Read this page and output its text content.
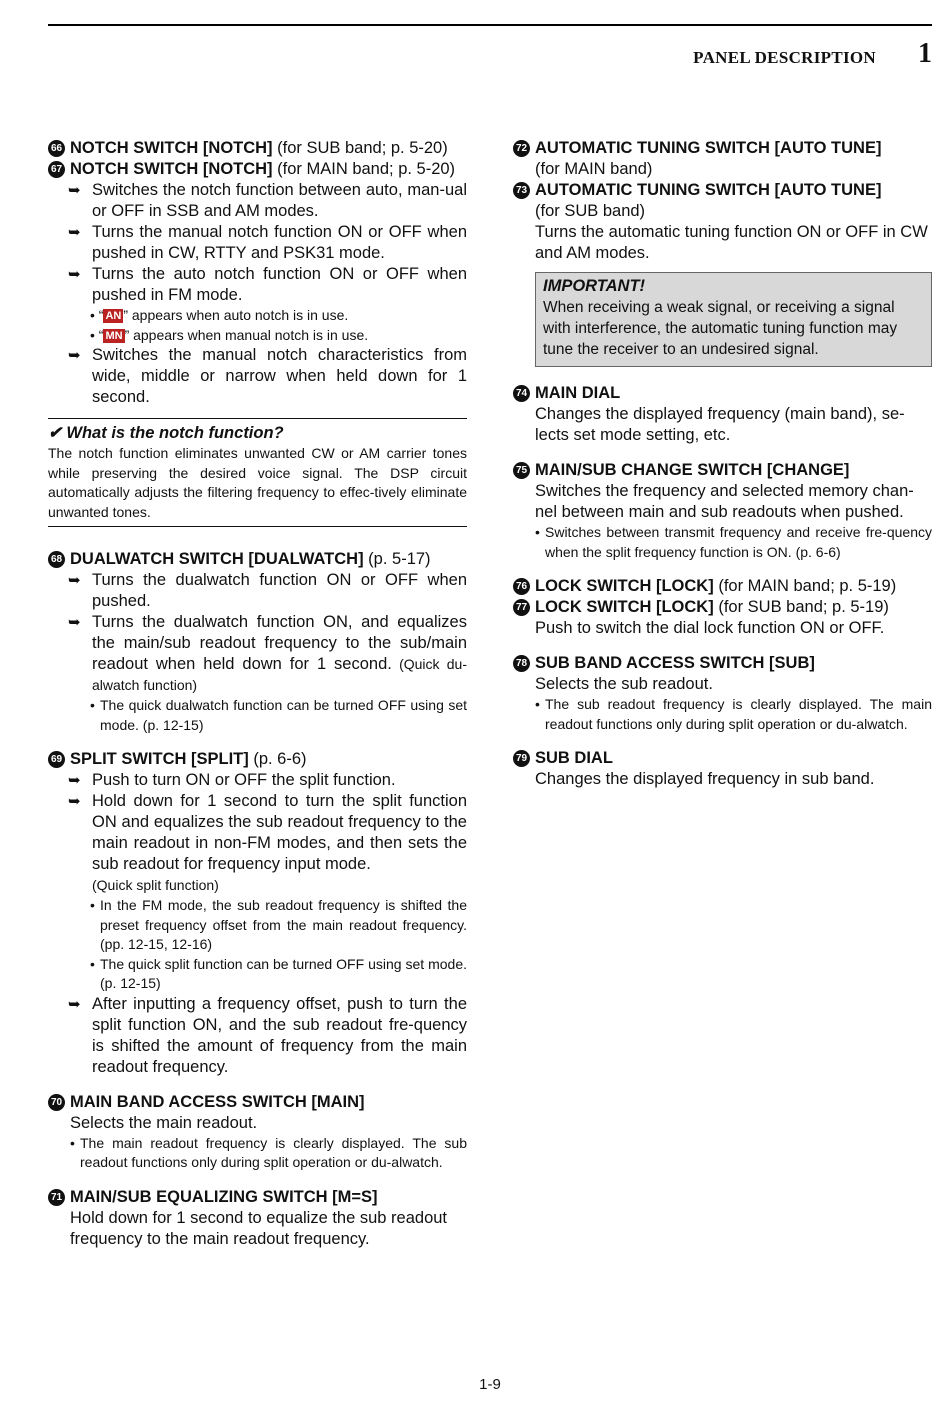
PANEL DESCRIPTION 1
66 NOTCH SWITCH [NOTCH] (for SUB band; p. 5-20)
67 NOTCH SWITCH [NOTCH] (for MAIN band; p. 5-20)
➥ Switches the notch function between auto, man-ual or OFF in SSB and AM modes.
➥ Turns the manual notch function ON or OFF when pushed in CW, RTTY and PSK31 mode.
➥ Turns the auto notch function ON or OFF when pushed in FM mode.
• “ AN ” appears when auto notch is in use.
• “ MN ” appears when manual notch is in use.
➥ Switches the manual notch characteristics from wide, middle or narrow when held down for 1 second.
✔ What is the notch function?
The notch function eliminates unwanted CW or AM carrier tones while preserving the desired voice signal. The DSP circuit automatically adjusts the filtering frequency to effec-tively eliminate unwanted tones.
68 DUALWATCH SWITCH [DUALWATCH] (p. 5-17)
➥ Turns the dualwatch function ON or OFF when pushed.
➥ Turns the dualwatch function ON, and equalizes the main/sub readout frequency to the sub/main readout when held down for 1 second. (Quick du-alwatch function)
• The quick dualwatch function can be turned OFF using set mode. (p. 12-15)
69 SPLIT SWITCH [SPLIT] (p. 6-6)
➥ Push to turn ON or OFF the split function.
➥ Hold down for 1 second to turn the split function ON and equalizes the sub readout frequency to the main readout in non-FM modes, and then sets the sub readout for frequency input mode.
(Quick split function)
• In the FM mode, the sub readout frequency is shifted the preset frequency offset from the main readout frequency. (pp. 12-15, 12-16)
• The quick split function can be turned OFF using set mode. (p. 12-15)
➥ After inputting a frequency offset, push to turn the split function ON, and the sub readout fre-quency is shifted the amount of frequency from the main readout frequency.
70 MAIN BAND ACCESS SWITCH [MAIN]
Selects the main readout.
• The main readout frequency is clearly displayed. The sub readout functions only during split operation or du-alwatch.
71 MAIN/SUB EQUALIZING SWITCH [M=S]
Hold down for 1 second to equalize the sub readout frequency to the main readout frequency.
72 AUTOMATIC TUNING SWITCH [AUTO TUNE]
(for MAIN band)
73 AUTOMATIC TUNING SWITCH [AUTO TUNE]
(for SUB band)
Turns the automatic tuning function ON or OFF in CW and AM modes.
IMPORTANT!
When receiving a weak signal, or receiving a signal with interference, the automatic tuning function may tune the receiver to an undesired signal.
74 MAIN DIAL
Changes the displayed frequency (main band), se-lects set mode setting, etc.
75 MAIN/SUB CHANGE SWITCH [CHANGE]
Switches the frequency and selected memory chan-nel between main and sub readouts when pushed.
• Switches between transmit frequency and receive fre-quency when the split frequency function is ON. (p. 6-6)
76 LOCK SWITCH [LOCK] (for MAIN band; p. 5-19)
77 LOCK SWITCH [LOCK] (for SUB band; p. 5-19)
Push to switch the dial lock function ON or OFF.
78 SUB BAND ACCESS SWITCH [SUB]
Selects the sub readout.
• The sub readout frequency is clearly displayed. The main readout functions only during split operation or du-alwatch.
79 SUB DIAL
Changes the displayed frequency in sub band.
1-9
